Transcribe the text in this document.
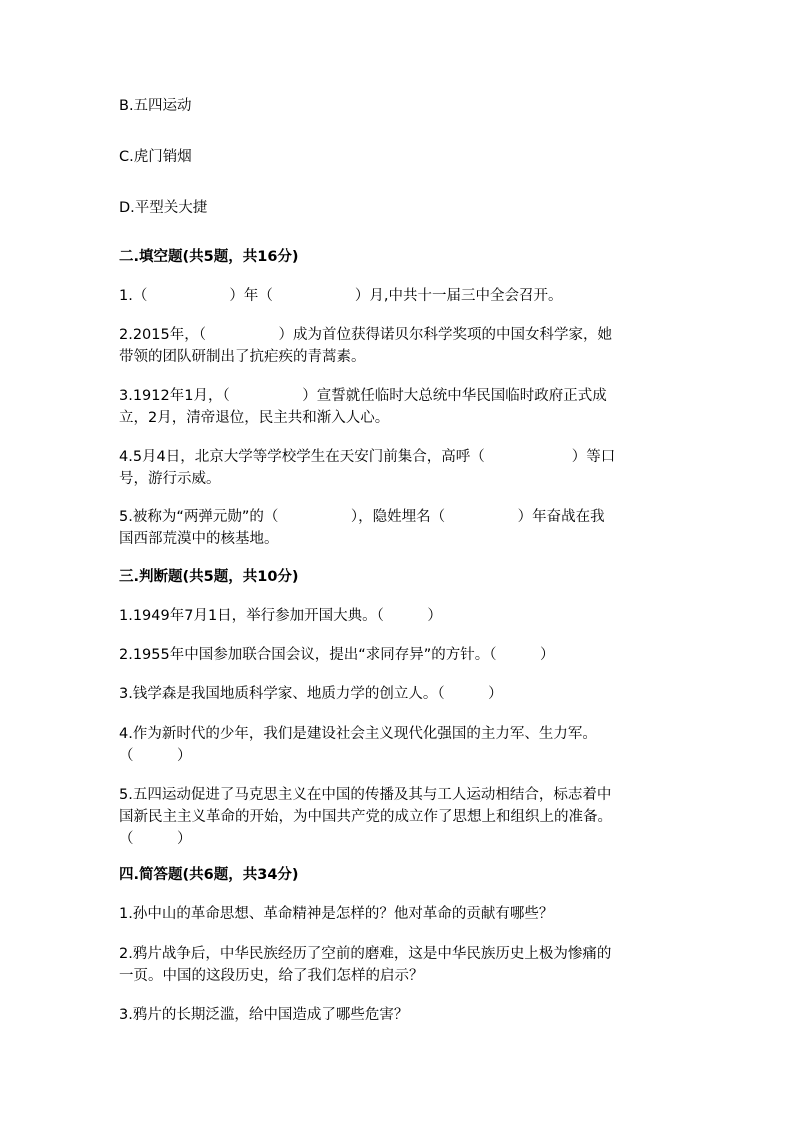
B.五四运动
C.虎门销烟
D.平型关大捷
二.填空题(共5题，共16分)
1.（	）年（	）月,中共十一届三中全会召开。
2.2015年，（　　　　　）成为首位获得诺贝尔科学奖项的中国女科学家，她
带领的团队研制出了抗疟疾的青蒿素。
3.1912年1月，（　　　　　）宣誓就任临时大总统中华民国临时政府正式成
立，2月，清帝退位，民主共和渐入人心。
4.5月4日，北京大学等学校学生在天安门前集合，高呼（　　　　　　）等口
号，游行示威。
5.被称为“两弹元勋”的（　　　　　），隐姓埋名（　　　　　）年奋战在我
国西部荒漠中的核基地。
三.判断题(共5题，共10分)
1.1949年7月1日，举行参加开国大典。（　　　）
2.1955年中国参加联合国会议，提出“求同存异”的方针。（　　　）
3.钱学森是我国地质科学家、地质力学的创立人。（　　　）
4.作为新时代的少年，我们是建设社会主义现代化强国的主力军、生力军。
（　　　）
5.五四运动促进了马克思主义在中国的传播及其与工人运动相结合，标志着中
国新民主主义革命的开始，为中国共产党的成立作了思想上和组织上的准备。
（　　　）
四.简答题(共6题，共34分)
1.孙中山的革命思想、革命精神是怎样的？他对革命的贡献有哪些？
2.鸦片战争后，中华民族经历了空前的磨难，这是中华民族历史上极为惨痛的
一页。中国的这段历史，给了我们怎样的启示？
3.鸦片的长期泛滥，给中国造成了哪些危害？
